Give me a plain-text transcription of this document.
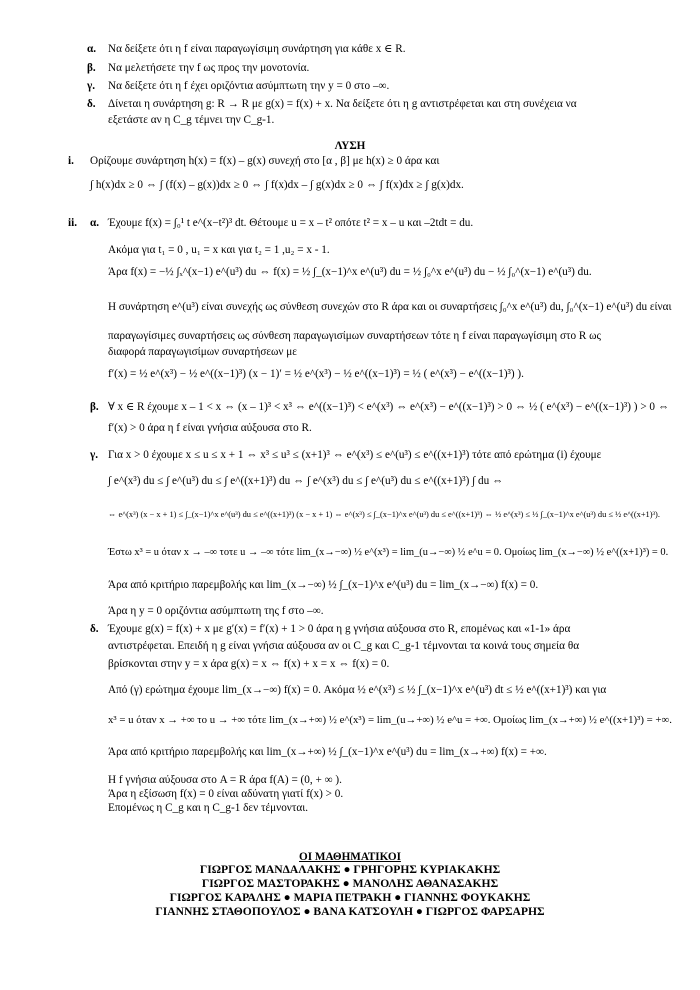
α. Να δείξετε ότι η f είναι παραγωγίσιμη συνάρτηση για κάθε x ∈ R.
β. Να μελετήσετε την f ως προς την μονοτονία.
γ. Να δείξετε ότι η f έχει οριζόντια ασύμπτωτη την y = 0 στο –∞.
δ. Δίνεται η συνάρτηση g: R → R με g(x) = f(x) + x. Να δείξετε ότι η g αντιστρέφεται και στη συνέχεια να
εξετάστε αν η C_g τέμνει την C_g-1.
ΛΥΣΗ
i. Ορίζουμε συνάρτηση h(x) = f(x) – g(x) συνεχή στο [α , β] με h(x) ≥ 0 άρα και
∫ h(x)dx ≥ 0 ⇔ ∫ (f(x) – g(x))dx ≥ 0 ⇔ ∫ f(x)dx – ∫ g(x)dx ≥ 0 ⇔ ∫ f(x)dx ≥ ∫ g(x)dx.
ii. α. Έχουμε f(x) = ∫₀¹ t e^(x−t²)³ dt. Θέτουμε u = x – t² οπότε t² = x – u και –2tdt = du.
Ακόμα για t₁ = 0 , u₁ = x και για t₂ = 1 ,u₂ = x - 1.
Άρα f(x) = −½ ∫ₓ^(x−1) e^(u³) du ⇔ f(x) = ½ ∫_(x−1)^x e^(u³) du = ½ ∫₀^x e^(u³) du − ½ ∫₀^(x−1) e^(u³) du.
Η συνάρτηση e^(u³) είναι συνεχής ως σύνθεση συνεχών στο R άρα και οι συναρτήσεις ∫₀^x e^(u³) du, ∫₀^(x−1) e^(u³) du είναι
παραγωγίσιμες συναρτήσεις ως σύνθεση παραγωγισίμων συναρτήσεων τότε η f είναι παραγωγίσιμη στο R ως
διαφορά παραγωγισίμων συναρτήσεων με
f′(x) = ½ e^(x³) − ½ e^((x−1)³) (x − 1)′ = ½ e^(x³) − ½ e^((x−1)³) = ½ ( e^(x³) − e^((x−1)³) ).
β. ∀ x ∈ R έχουμε x – 1 < x ⇔ (x – 1)³ < x³ ⇔ e^((x−1)³) < e^(x³) ⇔ e^(x³) − e^((x−1)³) > 0 ⇔ ½ ( e^(x³) − e^((x−1)³) ) > 0 ⇔
f′(x) > 0 άρα η f είναι γνήσια αύξουσα στο R.
γ. Για x > 0 έχουμε x ≤ u ≤ x + 1 ⇔ x³ ≤ u³ ≤ (x+1)³ ⇔ e^(x³) ≤ e^(u³) ≤ e^((x+1)³) τότε από ερώτημα (i) έχουμε
∫ e^(x³) du ≤ ∫ e^(u³) du ≤ ∫ e^((x+1)³) du ⇔ ∫ e^(x³) du ≤ ∫ e^(u³) du ≤ e^((x+1)³) ∫ du ⇔
⇔ e^(x³) (x − x + 1) ≤ ∫_(x−1)^x e^(u³) du ≤ e^((x+1)³) (x − x + 1) ⇔ e^(x³) ≤ ∫_(x−1)^x e^(u³) du ≤ e^((x+1)³) ⇔ ½ e^(x³) ≤ ½ ∫_(x−1)^x e^(u³) du ≤ ½ e^((x+1)³).
Έστω x³ = u όταν x → –∞ τοτε u → –∞ τότε lim_(x→−∞) ½ e^(x³) = lim_(u→−∞) ½ e^u = 0. Ομοίως lim_(x→−∞) ½ e^((x+1)³) = 0.
Άρα από κριτήριο παρεμβολής και lim_(x→−∞) ½ ∫_(x−1)^x e^(u³) du = lim_(x→−∞) f(x) = 0.
Άρα η y = 0 οριζόντια ασύμπτωτη της f στο –∞.
δ. Έχουμε g(x) = f(x) + x με g′(x) = f′(x) + 1 > 0 άρα η g γνήσια αύξουσα στο R, επομένως και «1-1» άρα
αντιστρέφεται. Επειδή η g είναι γνήσια αύξουσα αν οι C_g και C_g-1 τέμνονται τα κοινά τους σημεία θα
βρίσκονται στην y = x άρα g(x) = x ⇔ f(x) + x = x ⇔ f(x) = 0.
Από (γ) ερώτημα έχουμε lim_(x→−∞) f(x) = 0. Ακόμα ½ e^(x³) ≤ ½ ∫_(x−1)^x e^(u³) dt ≤ ½ e^((x+1)³) και για
x³ = u όταν x → +∞ το u → +∞ τότε lim_(x→+∞) ½ e^(x³) = lim_(u→+∞) ½ e^u = +∞. Ομοίως lim_(x→+∞) ½ e^((x+1)³) = +∞.
Άρα από κριτήριο παρεμβολής και lim_(x→+∞) ½ ∫_(x−1)^x e^(u³) du = lim_(x→+∞) f(x) = +∞.
Η f γνήσια αύξουσα στο A = R άρα f(A) = (0, + ∞ ).
Άρα η εξίσωση f(x) = 0 είναι αδύνατη γιατί f(x) > 0.
Επομένως η C_g και η C_g-1 δεν τέμνονται.
ΟΙ ΜΑΘΗΜΑΤΙΚΟΙ
ΓΙΩΡΓΟΣ ΜΑΝΔΑΛΑΚΗΣ ● ΓΡΗΓΟΡΗΣ ΚΥΡΙΑΚΑΚΗΣ
ΓΙΩΡΓΟΣ ΜΑΣΤΟΡΑΚΗΣ ● ΜΑΝΟΛΗΣ ΑΘΑΝΑΣΑΚΗΣ
ΓΙΩΡΓΟΣ ΚΑΡΑΛΗΣ ● ΜΑΡΙΑ ΠΕΤΡΑΚΗ ● ΓΙΑΝΝΗΣ ΦΟΥΚΑΚΗΣ
ΓΙΑΝΝΗΣ ΣΤΑΘΟΠΟΥΛΟΣ ● ΒΑΝΑ ΚΑΤΣΟΥΛΗ ● ΓΙΩΡΓΟΣ ΦΑΡΣΑΡΗΣ
